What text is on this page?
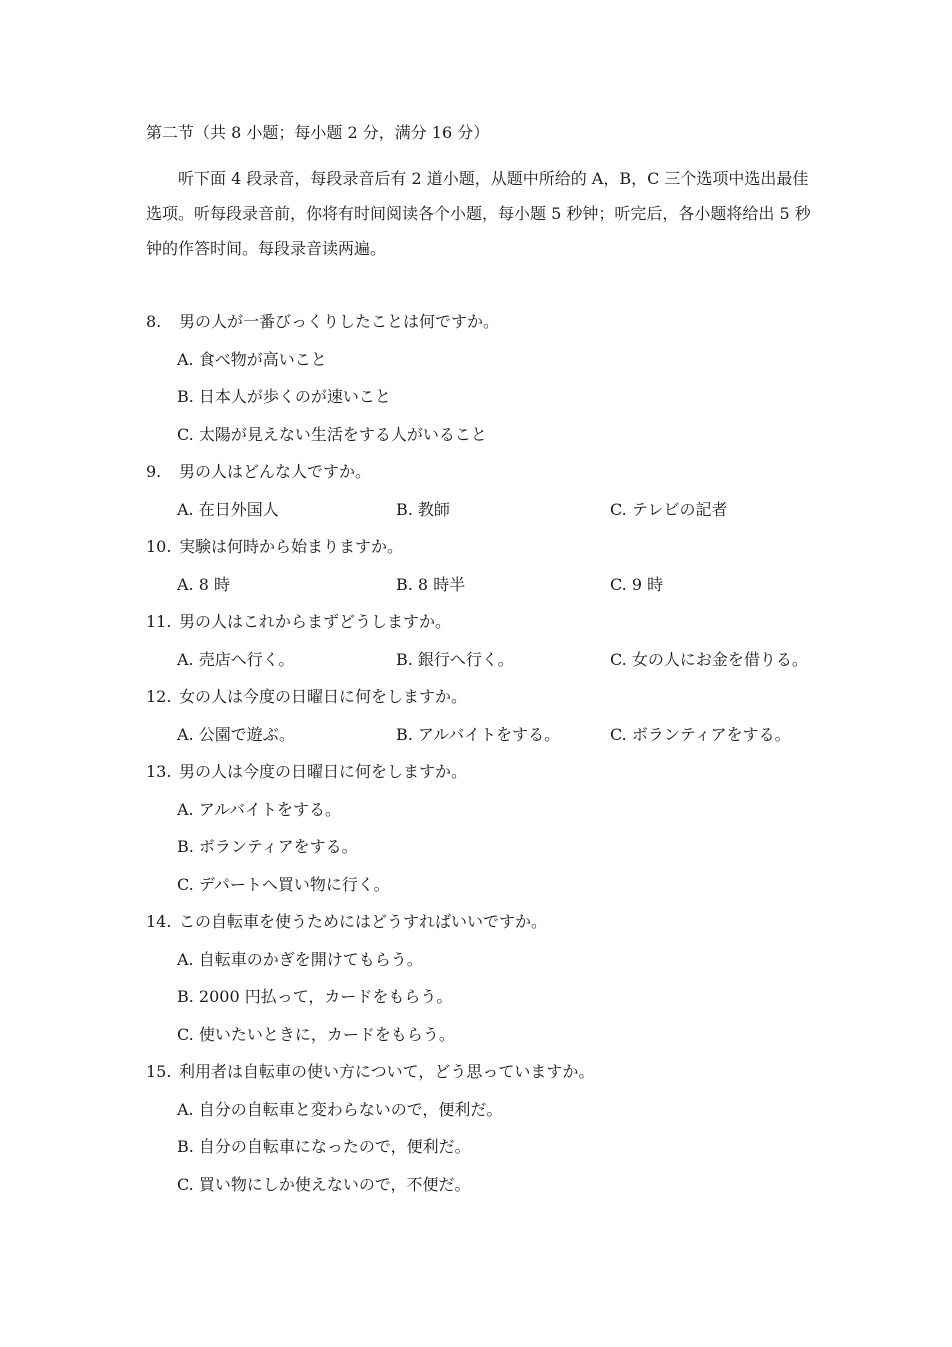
第二节（共 8 小题；每小题 2 分，满分 16 分）

听下面 4 段录音，每段录音后有 2 道小题，从题中所给的 A，B，C 三个选项中选出最佳选项。听每段录音前，你将有时间阅读各个小题，每小题 5 秒钟；听完后，各小题将给出 5 秒钟的作答时间。每段录音读两遍。

8. 男の人が一番びっくりしたことは何ですか。
A. 食べ物が高いこと
B. 日本人が歩くのが速いこと
C. 太陽が見えない生活をする人がいること
9. 男の人はどんな人ですか。
A. 在日外国人	B. 教師	C. テレビの記者
10. 実験は何時から始まりますか。
A. 8 時	B. 8 時半	C. 9 時
11. 男の人はこれからまずどうしますか。
A. 売店へ行く。	B. 銀行へ行く。	C. 女の人にお金を借りる。
12. 女の人は今度の日曜日に何をしますか。
A. 公園で遊ぶ。	B. アルバイトをする。	C. ボランティアをする。
13. 男の人は今度の日曜日に何をしますか。
A. アルバイトをする。
B. ボランティアをする。
C. デパートへ買い物に行く。
14. この自転車を使うためにはどうすればいいですか。
A. 自転車のかぎを開けてもらう。
B. 2000 円払って，カードをもらう。
C. 使いたいときに，カードをもらう。
15. 利用者は自転車の使い方について，どう思っていますか。
A. 自分の自転車と変わらないので，便利だ。
B. 自分の自転車になったので，便利だ。
C. 買い物にしか使えないので，不便だ。
